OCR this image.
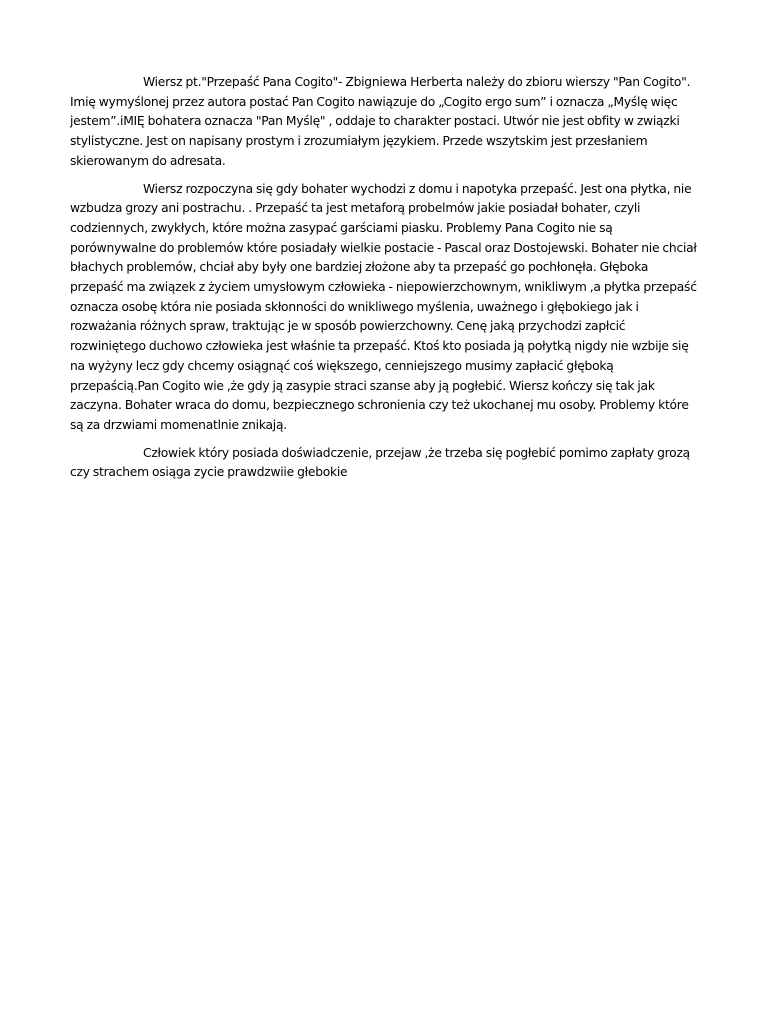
Wiersz pt."Przepaść Pana Cogito"- Zbigniewa Herberta należy do zbioru wierszy "Pan Cogito". Imię wymyślonej przez autora postać Pan Cogito nawiązuje do „Cogito ergo sum” i oznacza „Myślę więc jestem”.iMIĘ bohatera oznacza "Pan Myślę" , oddaje to charakter postaci. Utwór nie jest obfity w związki stylistyczne. Jest on napisany prostym i zrozumiałym językiem. Przede wszytskim jest przesłaniem skierowanym do adresata.

Wiersz rozpoczyna się gdy bohater wychodzi z domu i napotyka przepaść. Jest ona płytka, nie wzbudza grozy ani postrachu. . Przepaść ta jest metaforą probelmów jakie posiadał bohater, czyli codziennych, zwykłych, które można zasypać garściami piasku. Problemy Pana Cogito nie są porównywalne do problemów które posiadały wielkie postacie - Pascal oraz Dostojewski. Bohater nie chciał błachych problemów, chciał aby były one bardziej złożone aby ta przepaść go pochłonęła. Głęboka przepaść ma związek z życiem umysłowym człowieka - niepowierzchownym, wnikliwym ,a płytka przepaść oznacza osobę która nie posiada skłonności do wnikliwego myślenia, uważnego i głębokiego jak i rozważania różnych spraw, traktując je w sposób powierzchowny. Cenę jaką przychodzi zapłcić rozwiniętego duchowo człowieka jest właśnie ta przepaść. Ktoś kto posiada ją połytką nigdy nie wzbije się na wyżyny lecz gdy chcemy osiągnąć coś większego, cenniejszego musimy zapłacić głęboką przepaścią.Pan Cogito wie ,że gdy ją zasypie straci szanse aby ją pogłebić. Wiersz kończy się tak jak zaczyna. Bohater wraca do domu, bezpiecznego schronienia czy też ukochanej mu osoby. Problemy które są za drzwiami momenatlnie znikają.

Człowiek który posiada doświadczenie, przejaw ,że trzeba się pogłebić pomimo zapłaty grozą czy strachem osiąga zycie prawdzwiie głebokie
